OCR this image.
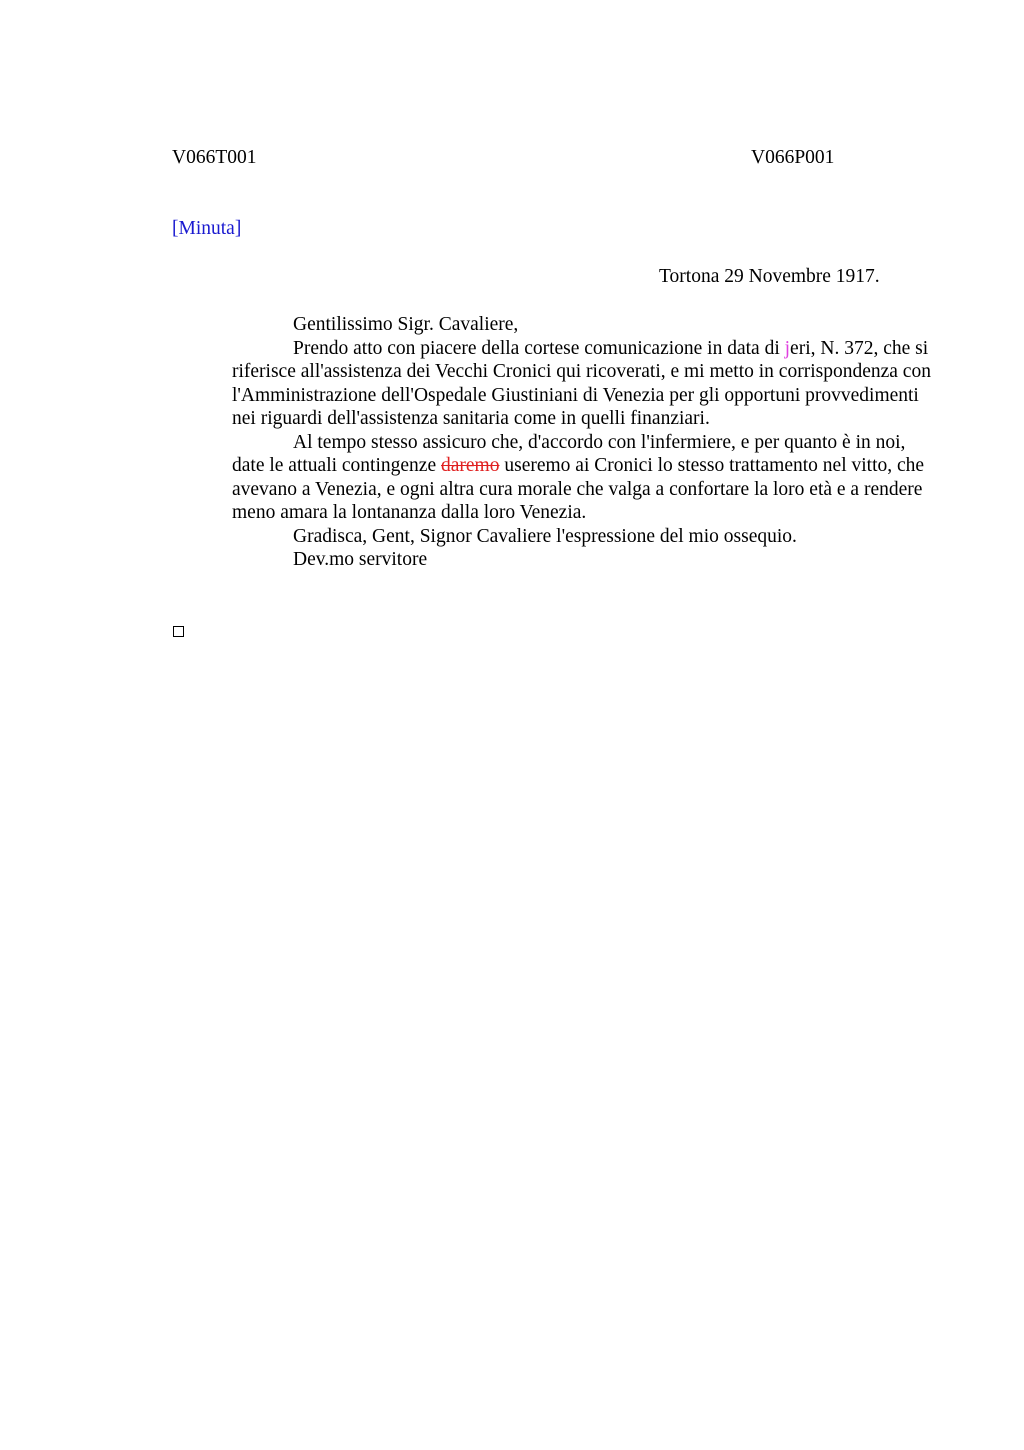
V066T001	V066P001
[Minuta]
Tortona 29 Novembre 1917.

Gentilissimo Sigr. Cavaliere,

Prendo atto con piacere della cortese comunicazione in data di jeri, N. 372, che si riferisce all'assistenza dei Vecchi Cronici qui ricoverati, e mi metto in corrispondenza con l'Amministrazione dell'Ospedale Giustiniani di Venezia per gli opportuni provvedimenti nei riguardi dell'assistenza sanitaria come in quelli finanziari.

Al tempo stesso assicuro che, d'accordo con l'infermiere, e per quanto è in noi, date le attuali contingenze daremo useremo ai Cronici lo stesso trattamento nel vitto, che avevano a Venezia, e ogni altra cura morale che valga a confortare la loro età e a rendere meno amara la lontananza dalla loro Venezia.

Gradisca, Gent, Signor Cavaliere l'espressione del mio ossequio.

Dev.mo servitore
